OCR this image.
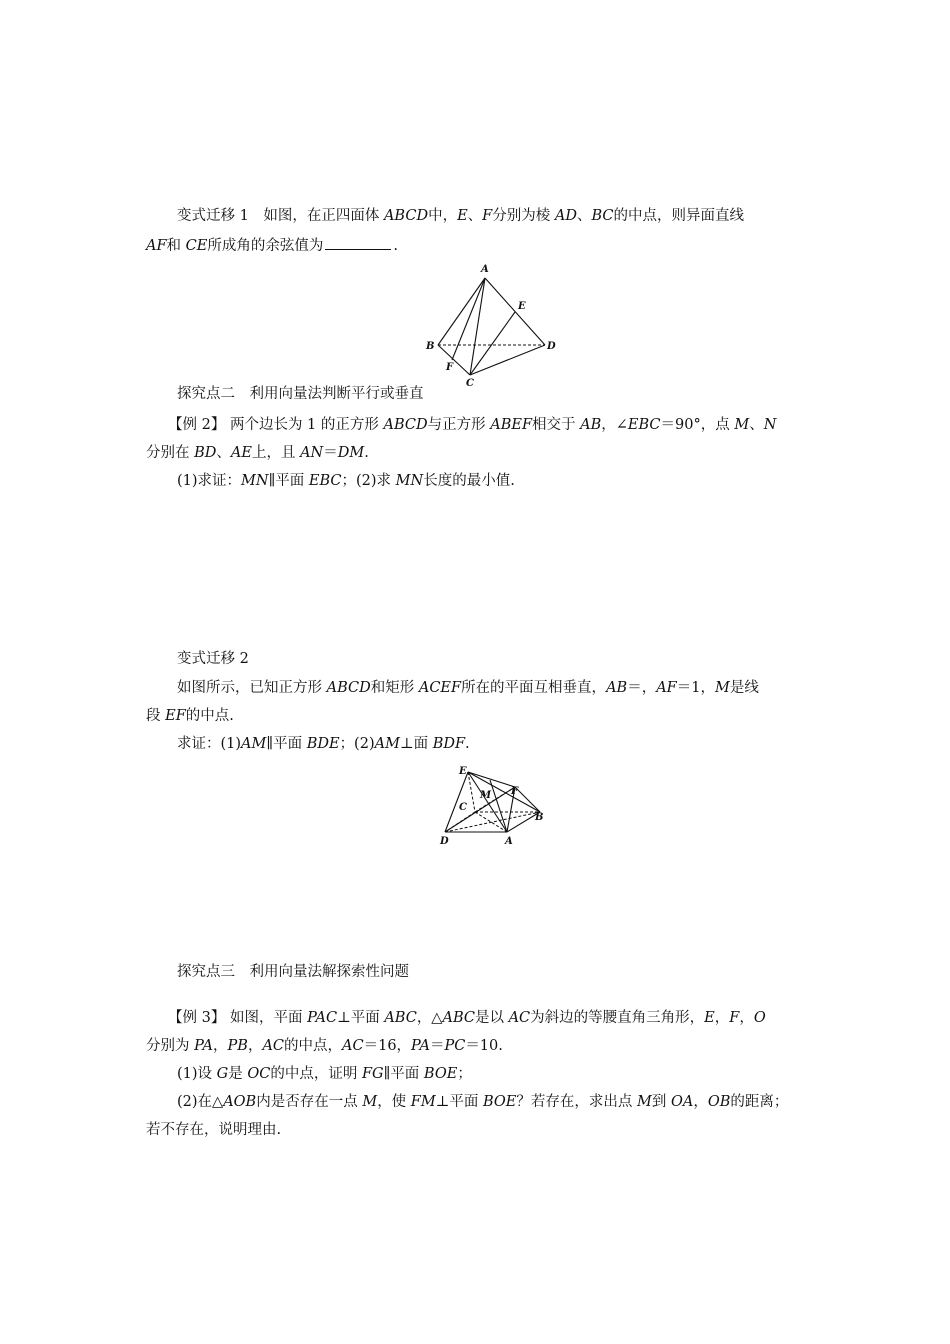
变式迁移 1　如图，在正四面体 ABCD中，E、F分别为棱 AD、BC的中点，则异面直线
AF和 CE所成角的余弦值为	.
A
B
C
D
E
F
探究点二　利用向量法判断平行或垂直
【例 2】 两个边长为 1 的正方形 ABCD与正方形 ABEF相交于 AB，∠EBC＝90°，点 M、N
分别在 BD、AE上，且 AN＝DM.
(1)求证：MN∥平面 EBC；(2)求 MN长度的最小值.
变式迁移 2
如图所示，已知正方形 ABCD和矩形 ACEF所在的平面互相垂直，AB＝，AF＝1，M是线
段 EF的中点.
求证：(1)AM∥平面 BDE；(2)AM⊥面 BDF.
E
M F
C
B
D	A
探究点三　利用向量法解探索性问题
【例 3】 如图，平面 PAC⊥平面 ABC，△ABC是以 AC为斜边的等腰直角三角形，E，F，O
分别为 PA，PB，AC的中点，AC＝16，PA＝PC＝10.
(1)设 G是 OC的中点，证明 FG∥平面 BOE；
(2)在△AOB内是否存在一点 M，使 FM⊥平面 BOE？若存在，求出点 M到 OA，OB的距离；
若不存在，说明理由.
